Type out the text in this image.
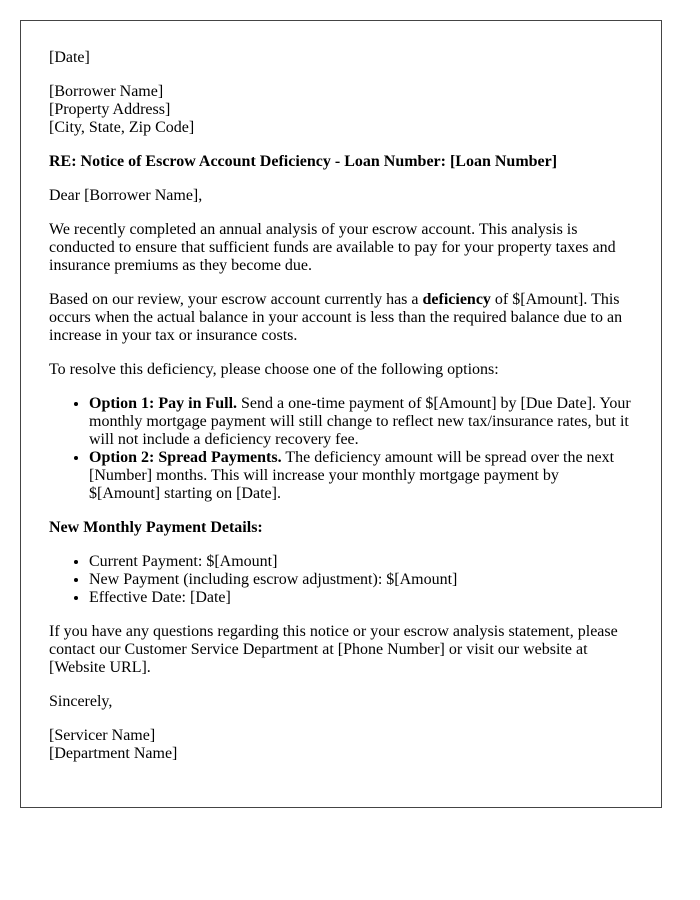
[Date]

[Borrower Name]
[Property Address]
[City, State, Zip Code]

RE: Notice of Escrow Account Deficiency - Loan Number: [Loan Number]

Dear [Borrower Name],

We recently completed an annual analysis of your escrow account. This analysis is conducted to ensure that sufficient funds are available to pay for your property taxes and insurance premiums as they become due.

Based on our review, your escrow account currently has a deficiency of $[Amount]. This occurs when the actual balance in your account is less than the required balance due to an increase in your tax or insurance costs.

To resolve this deficiency, please choose one of the following options:

• Option 1: Pay in Full. Send a one-time payment of $[Amount] by [Due Date]. Your monthly mortgage payment will still change to reflect new tax/insurance rates, but it will not include a deficiency recovery fee.
• Option 2: Spread Payments. The deficiency amount will be spread over the next [Number] months. This will increase your monthly mortgage payment by $[Amount] starting on [Date].

New Monthly Payment Details:

• Current Payment: $[Amount]
• New Payment (including escrow adjustment): $[Amount]
• Effective Date: [Date]

If you have any questions regarding this notice or your escrow analysis statement, please contact our Customer Service Department at [Phone Number] or visit our website at [Website URL].

Sincerely,

[Servicer Name]
[Department Name]
